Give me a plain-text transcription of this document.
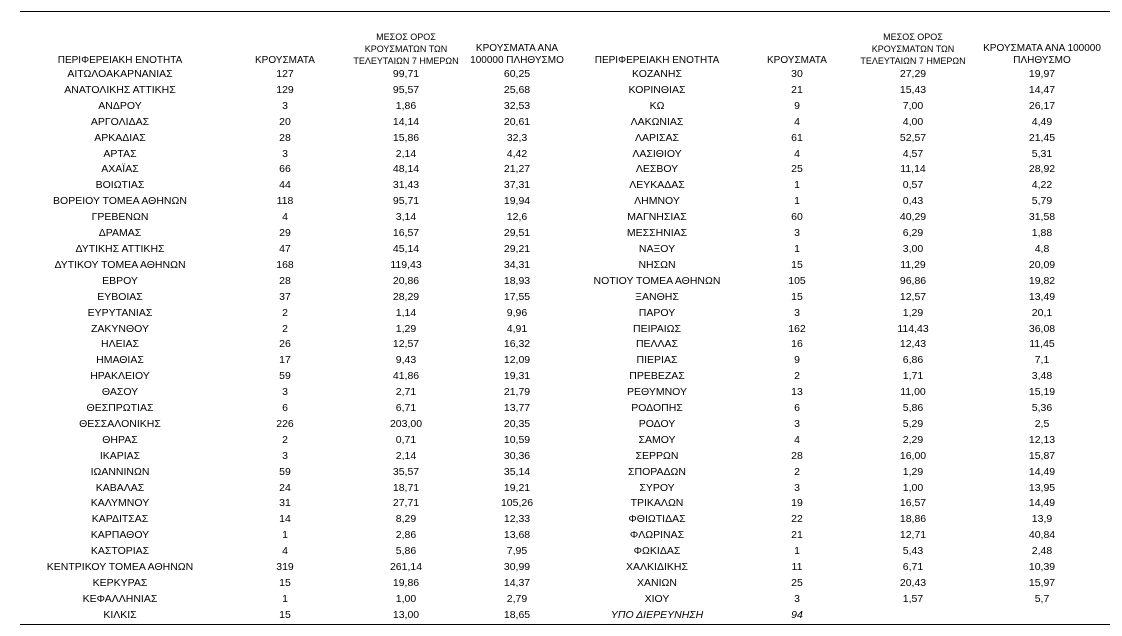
ΠΕΡΙΦΕΡΕΙΑΚΗ ΕΝΟΤΗΤΑ	ΚΡΟΥΣΜΑΤΑ	ΜΕΣΟΣ ΟΡΟΣ ΚΡΟΥΣΜΑΤΩΝ ΤΩΝ ΤΕΛΕΥΤΑΙΩΝ 7 ΗΜΕΡΩΝ	ΚΡΟΥΣΜΑΤΑ ΑΝΑ 100000 ΠΛΗΘΥΣΜΟ	ΠΕΡΙΦΕΡΕΙΑΚΗ ΕΝΟΤΗΤΑ	ΚΡΟΥΣΜΑΤΑ	ΜΕΣΟΣ ΟΡΟΣ ΚΡΟΥΣΜΑΤΩΝ ΤΩΝ ΤΕΛΕΥΤΑΙΩΝ 7 ΗΜΕΡΩΝ	ΚΡΟΥΣΜΑΤΑ ΑΝΑ 100000 ΠΛΗΘΥΣΜΟ
ΑΙΤΩΛΟΑΚΑΡΝΑΝΙΑΣ	127	99,71	60,25	ΚΟΖΑΝΗΣ	30	27,29	19,97
ΑΝΑΤΟΛΙΚΗΣ ΑΤΤΙΚΗΣ	129	95,57	25,68	ΚΟΡΙΝΘΙΑΣ	21	15,43	14,47
ΑΝΔΡΟΥ	3	1,86	32,53	ΚΩ	9	7,00	26,17
ΑΡΓΟΛΙΔΑΣ	20	14,14	20,61	ΛΑΚΩΝΙΑΣ	4	4,00	4,49
ΑΡΚΑΔΙΑΣ	28	15,86	32,3	ΛΑΡΙΣΑΣ	61	52,57	21,45
ΑΡΤΑΣ	3	2,14	4,42	ΛΑΣΙΘΙΟΥ	4	4,57	5,31
ΑΧΑΪΑΣ	66	48,14	21,27	ΛΕΣΒΟΥ	25	11,14	28,92
ΒΟΙΩΤΙΑΣ	44	31,43	37,31	ΛΕΥΚΑΔΑΣ	1	0,57	4,22
ΒΟΡΕΙΟΥ ΤΟΜΕΑ ΑΘΗΝΩΝ	118	95,71	19,94	ΛΗΜΝΟΥ	1	0,43	5,79
ΓΡΕΒΕΝΩΝ	4	3,14	12,6	ΜΑΓΝΗΣΙΑΣ	60	40,29	31,58
ΔΡΑΜΑΣ	29	16,57	29,51	ΜΕΣΣΗΝΙΑΣ	3	6,29	1,88
ΔΥΤΙΚΗΣ ΑΤΤΙΚΗΣ	47	45,14	29,21	ΝΑΞΟΥ	1	3,00	4,8
ΔΥΤΙΚΟΥ ΤΟΜΕΑ ΑΘΗΝΩΝ	168	119,43	34,31	ΝΗΣΩΝ	15	11,29	20,09
ΕΒΡΟΥ	28	20,86	18,93	ΝΟΤΙΟΥ ΤΟΜΕΑ ΑΘΗΝΩΝ	105	96,86	19,82
ΕΥΒΟΙΑΣ	37	28,29	17,55	ΞΑΝΘΗΣ	15	12,57	13,49
ΕΥΡΥΤΑΝΙΑΣ	2	1,14	9,96	ΠΑΡΟΥ	3	1,29	20,1
ΖΑΚΥΝΘΟΥ	2	1,29	4,91	ΠΕΙΡΑΙΩΣ	162	114,43	36,08
ΗΛΕΙΑΣ	26	12,57	16,32	ΠΕΛΛΑΣ	16	12,43	11,45
ΗΜΑΘΙΑΣ	17	9,43	12,09	ΠΙΕΡΙΑΣ	9	6,86	7,1
ΗΡΑΚΛΕΙΟΥ	59	41,86	19,31	ΠΡΕΒΕΖΑΣ	2	1,71	3,48
ΘΑΣΟΥ	3	2,71	21,79	ΡΕΘΥΜΝΟΥ	13	11,00	15,19
ΘΕΣΠΡΩΤΙΑΣ	6	6,71	13,77	ΡΟΔΟΠΗΣ	6	5,86	5,36
ΘΕΣΣΑΛΟΝΙΚΗΣ	226	203,00	20,35	ΡΟΔΟΥ	3	5,29	2,5
ΘΗΡΑΣ	2	0,71	10,59	ΣΑΜΟΥ	4	2,29	12,13
ΙΚΑΡΙΑΣ	3	2,14	30,36	ΣΕΡΡΩΝ	28	16,00	15,87
ΙΩΑΝΝΙΝΩΝ	59	35,57	35,14	ΣΠΟΡΑΔΩΝ	2	1,29	14,49
ΚΑΒΑΛΑΣ	24	18,71	19,21	ΣΥΡΟΥ	3	1,00	13,95
ΚΑΛΥΜΝΟΥ	31	27,71	105,26	ΤΡΙΚΑΛΩΝ	19	16,57	14,49
ΚΑΡΔΙΤΣΑΣ	14	8,29	12,33	ΦΘΙΩΤΙΔΑΣ	22	18,86	13,9
ΚΑΡΠΑΘΟΥ	1	2,86	13,68	ΦΛΩΡΙΝΑΣ	21	12,71	40,84
ΚΑΣΤΟΡΙΑΣ	4	5,86	7,95	ΦΩΚΙΔΑΣ	1	5,43	2,48
ΚΕΝΤΡΙΚΟΥ ΤΟΜΕΑ ΑΘΗΝΩΝ	319	261,14	30,99	ΧΑΛΚΙΔΙΚΗΣ	11	6,71	10,39
ΚΕΡΚΥΡΑΣ	15	19,86	14,37	ΧΑΝΙΩΝ	25	20,43	15,97
ΚΕΦΑΛΛΗΝΙΑΣ	1	1,00	2,79	ΧΙΟΥ	3	1,57	5,7
ΚΙΛΚΙΣ	15	13,00	18,65	ΥΠΟ ΔΙΕΡΕΥΝΗΣΗ	94		
